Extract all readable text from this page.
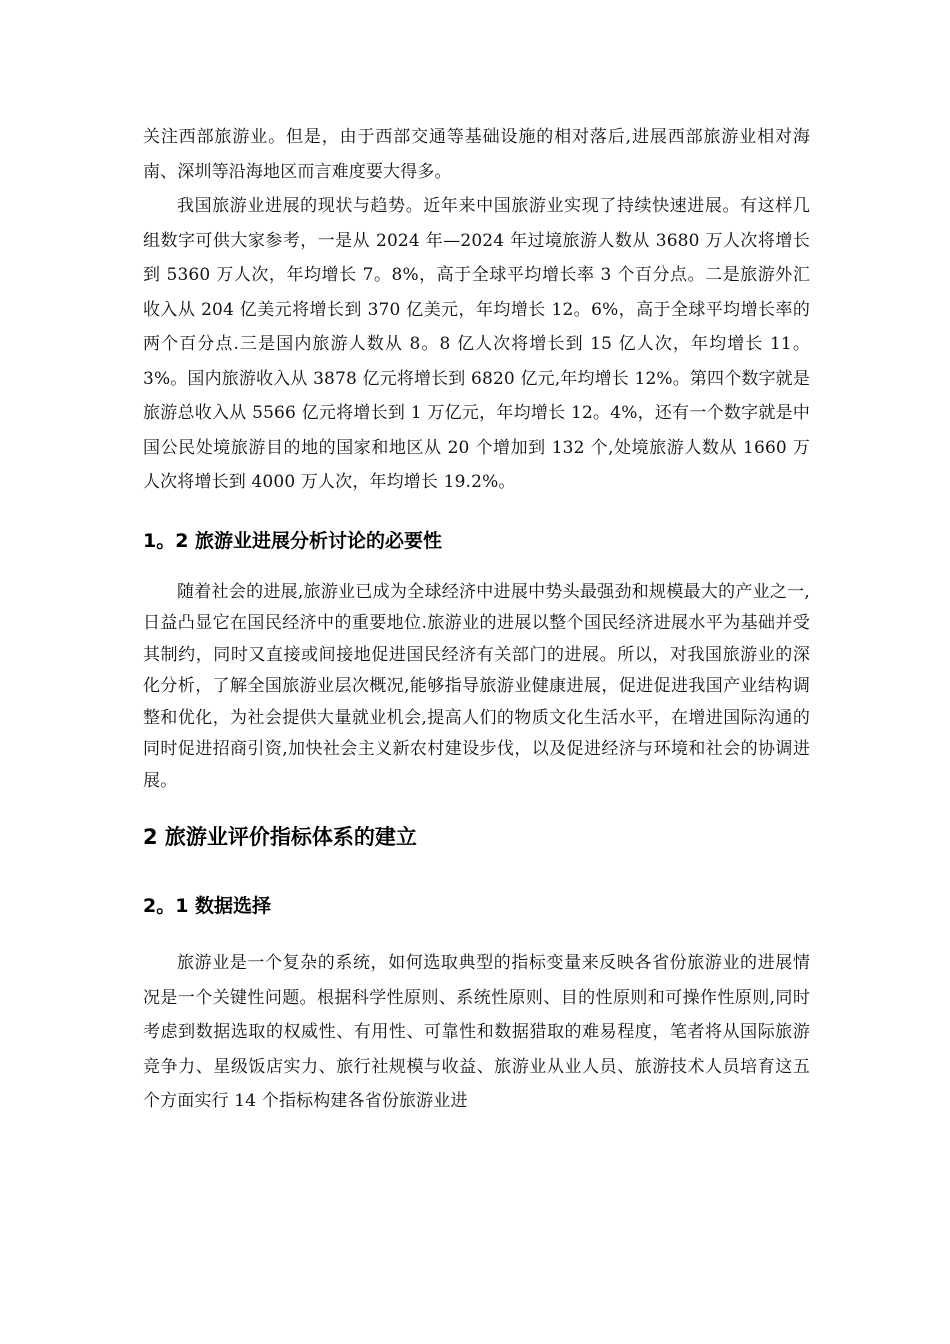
关注西部旅游业。但是，由于西部交通等基础设施的相对落后,进展西部旅游业相对海南、深圳等沿海地区而言难度要大得多。

我国旅游业进展的现状与趋势。近年来中国旅游业实现了持续快速进展。有这样几组数字可供大家参考，一是从 2024 年—2024 年过境旅游人数从 3680 万人次将增长到 5360 万人次，年均增长 7。8%，高于全球平均增长率 3 个百分点。二是旅游外汇收入从 204 亿美元将增长到 370 亿美元，年均增长 12。6%，高于全球平均增长率的两个百分点.三是国内旅游人数从 8。8 亿人次将增长到 15 亿人次，年均增长 11。3%。国内旅游收入从 3878 亿元将增长到 6820 亿元,年均增长 12%。第四个数字就是旅游总收入从 5566 亿元将增长到 1 万亿元，年均增长 12。4%，还有一个数字就是中国公民处境旅游目的地的国家和地区从 20 个增加到 132 个,处境旅游人数从 1660 万人次将增长到 4000 万人次，年均增长 19.2%。

1。2 旅游业进展分析讨论的必要性

随着社会的进展,旅游业已成为全球经济中进展中势头最强劲和规模最大的产业之一,日益凸显它在国民经济中的重要地位.旅游业的进展以整个国民经济进展水平为基础并受其制约，同时又直接或间接地促进国民经济有关部门的进展。所以，对我国旅游业的深化分析，了解全国旅游业层次概况,能够指导旅游业健康进展，促进促进我国产业结构调整和优化，为社会提供大量就业机会,提高人们的物质文化生活水平，在增进国际沟通的同时促进招商引资,加快社会主义新农村建设步伐，以及促进经济与环境和社会的协调进展。

2 旅游业评价指标体系的建立
2。1 数据选择

旅游业是一个复杂的系统，如何选取典型的指标变量来反映各省份旅游业的进展情况是一个关键性问题。根据科学性原则、系统性原则、目的性原则和可操作性原则,同时考虑到数据选取的权威性、有用性、可靠性和数据猎取的难易程度，笔者将从国际旅游竞争力、星级饭店实力、旅行社规模与收益、旅游业从业人员、旅游技术人员培育这五个方面实行 14 个指标构建各省份旅游业进
